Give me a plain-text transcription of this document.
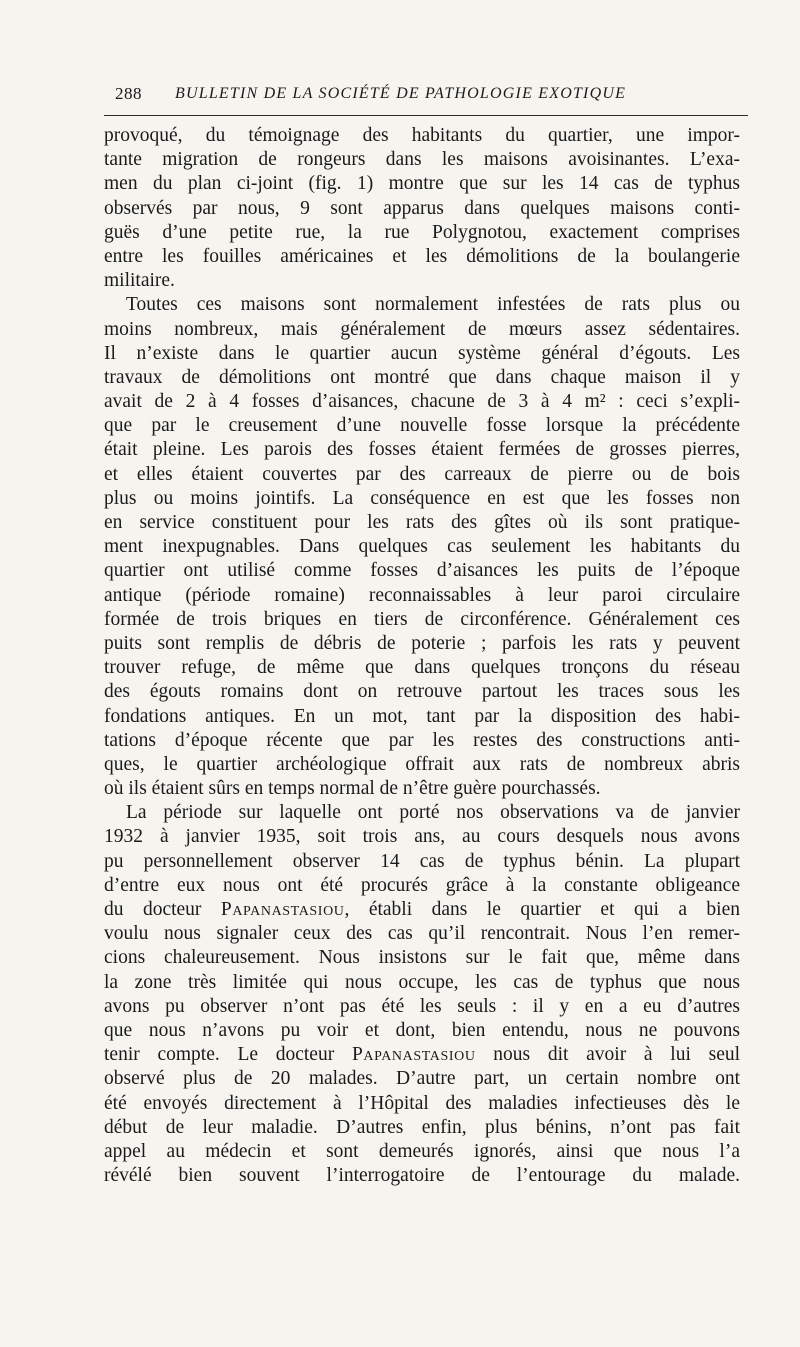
288 BULLETIN DE LA SOCIÉTÉ DE PATHOLOGIE EXOTIQUE
provoqué, du témoignage des habitants du quartier, une impor-
tante migration de rongeurs dans les maisons avoisinantes. L’exa-
men du plan ci-joint (fig. 1) montre que sur les 14 cas de typhus
observés par nous, 9 sont apparus dans quelques maisons conti-
guës d’une petite rue, la rue Polygnotou, exactement comprises
entre les fouilles américaines et les démolitions de la boulangerie
militaire.
Toutes ces maisons sont normalement infestées de rats plus ou
moins nombreux, mais généralement de mœurs assez sédentaires.
Il n’existe dans le quartier aucun système général d’égouts. Les
travaux de démolitions ont montré que dans chaque maison il y
avait de 2 à 4 fosses d’aisances, chacune de 3 à 4 m² : ceci s’expli-
que par le creusement d’une nouvelle fosse lorsque la précédente
était pleine. Les parois des fosses étaient fermées de grosses pierres,
et elles étaient couvertes par des carreaux de pierre ou de bois
plus ou moins jointifs. La conséquence en est que les fosses non
en service constituent pour les rats des gîtes où ils sont pratique-
ment inexpugnables. Dans quelques cas seulement les habitants du
quartier ont utilisé comme fosses d’aisances les puits de l’époque
antique (période romaine) reconnaissables à leur paroi circulaire
formée de trois briques en tiers de circonférence. Généralement ces
puits sont remplis de débris de poterie ; parfois les rats y peuvent
trouver refuge, de même que dans quelques tronçons du réseau
des égouts romains dont on retrouve partout les traces sous les
fondations antiques. En un mot, tant par la disposition des habi-
tations d’époque récente que par les restes des constructions anti-
ques, le quartier archéologique offrait aux rats de nombreux abris
où ils étaient sûrs en temps normal de n’être guère pourchassés.
La période sur laquelle ont porté nos observations va de janvier
1932 à janvier 1935, soit trois ans, au cours desquels nous avons
pu personnellement observer 14 cas de typhus bénin. La plupart
d’entre eux nous ont été procurés grâce à la constante obligeance
du docteur Papanastasiou, établi dans le quartier et qui a bien
voulu nous signaler ceux des cas qu’il rencontrait. Nous l’en remer-
cions chaleureusement. Nous insistons sur le fait que, même dans
la zone très limitée qui nous occupe, les cas de typhus que nous
avons pu observer n’ont pas été les seuls : il y en a eu d’autres
que nous n’avons pu voir et dont, bien entendu, nous ne pouvons
tenir compte. Le docteur Papanastasiou nous dit avoir à lui seul
observé plus de 20 malades. D’autre part, un certain nombre ont
été envoyés directement à l’Hôpital des maladies infectieuses dès le
début de leur maladie. D’autres enfin, plus bénins, n’ont pas fait
appel au médecin et sont demeurés ignorés, ainsi que nous l’a
révélé bien souvent l’interrogatoire de l’entourage du malade.
